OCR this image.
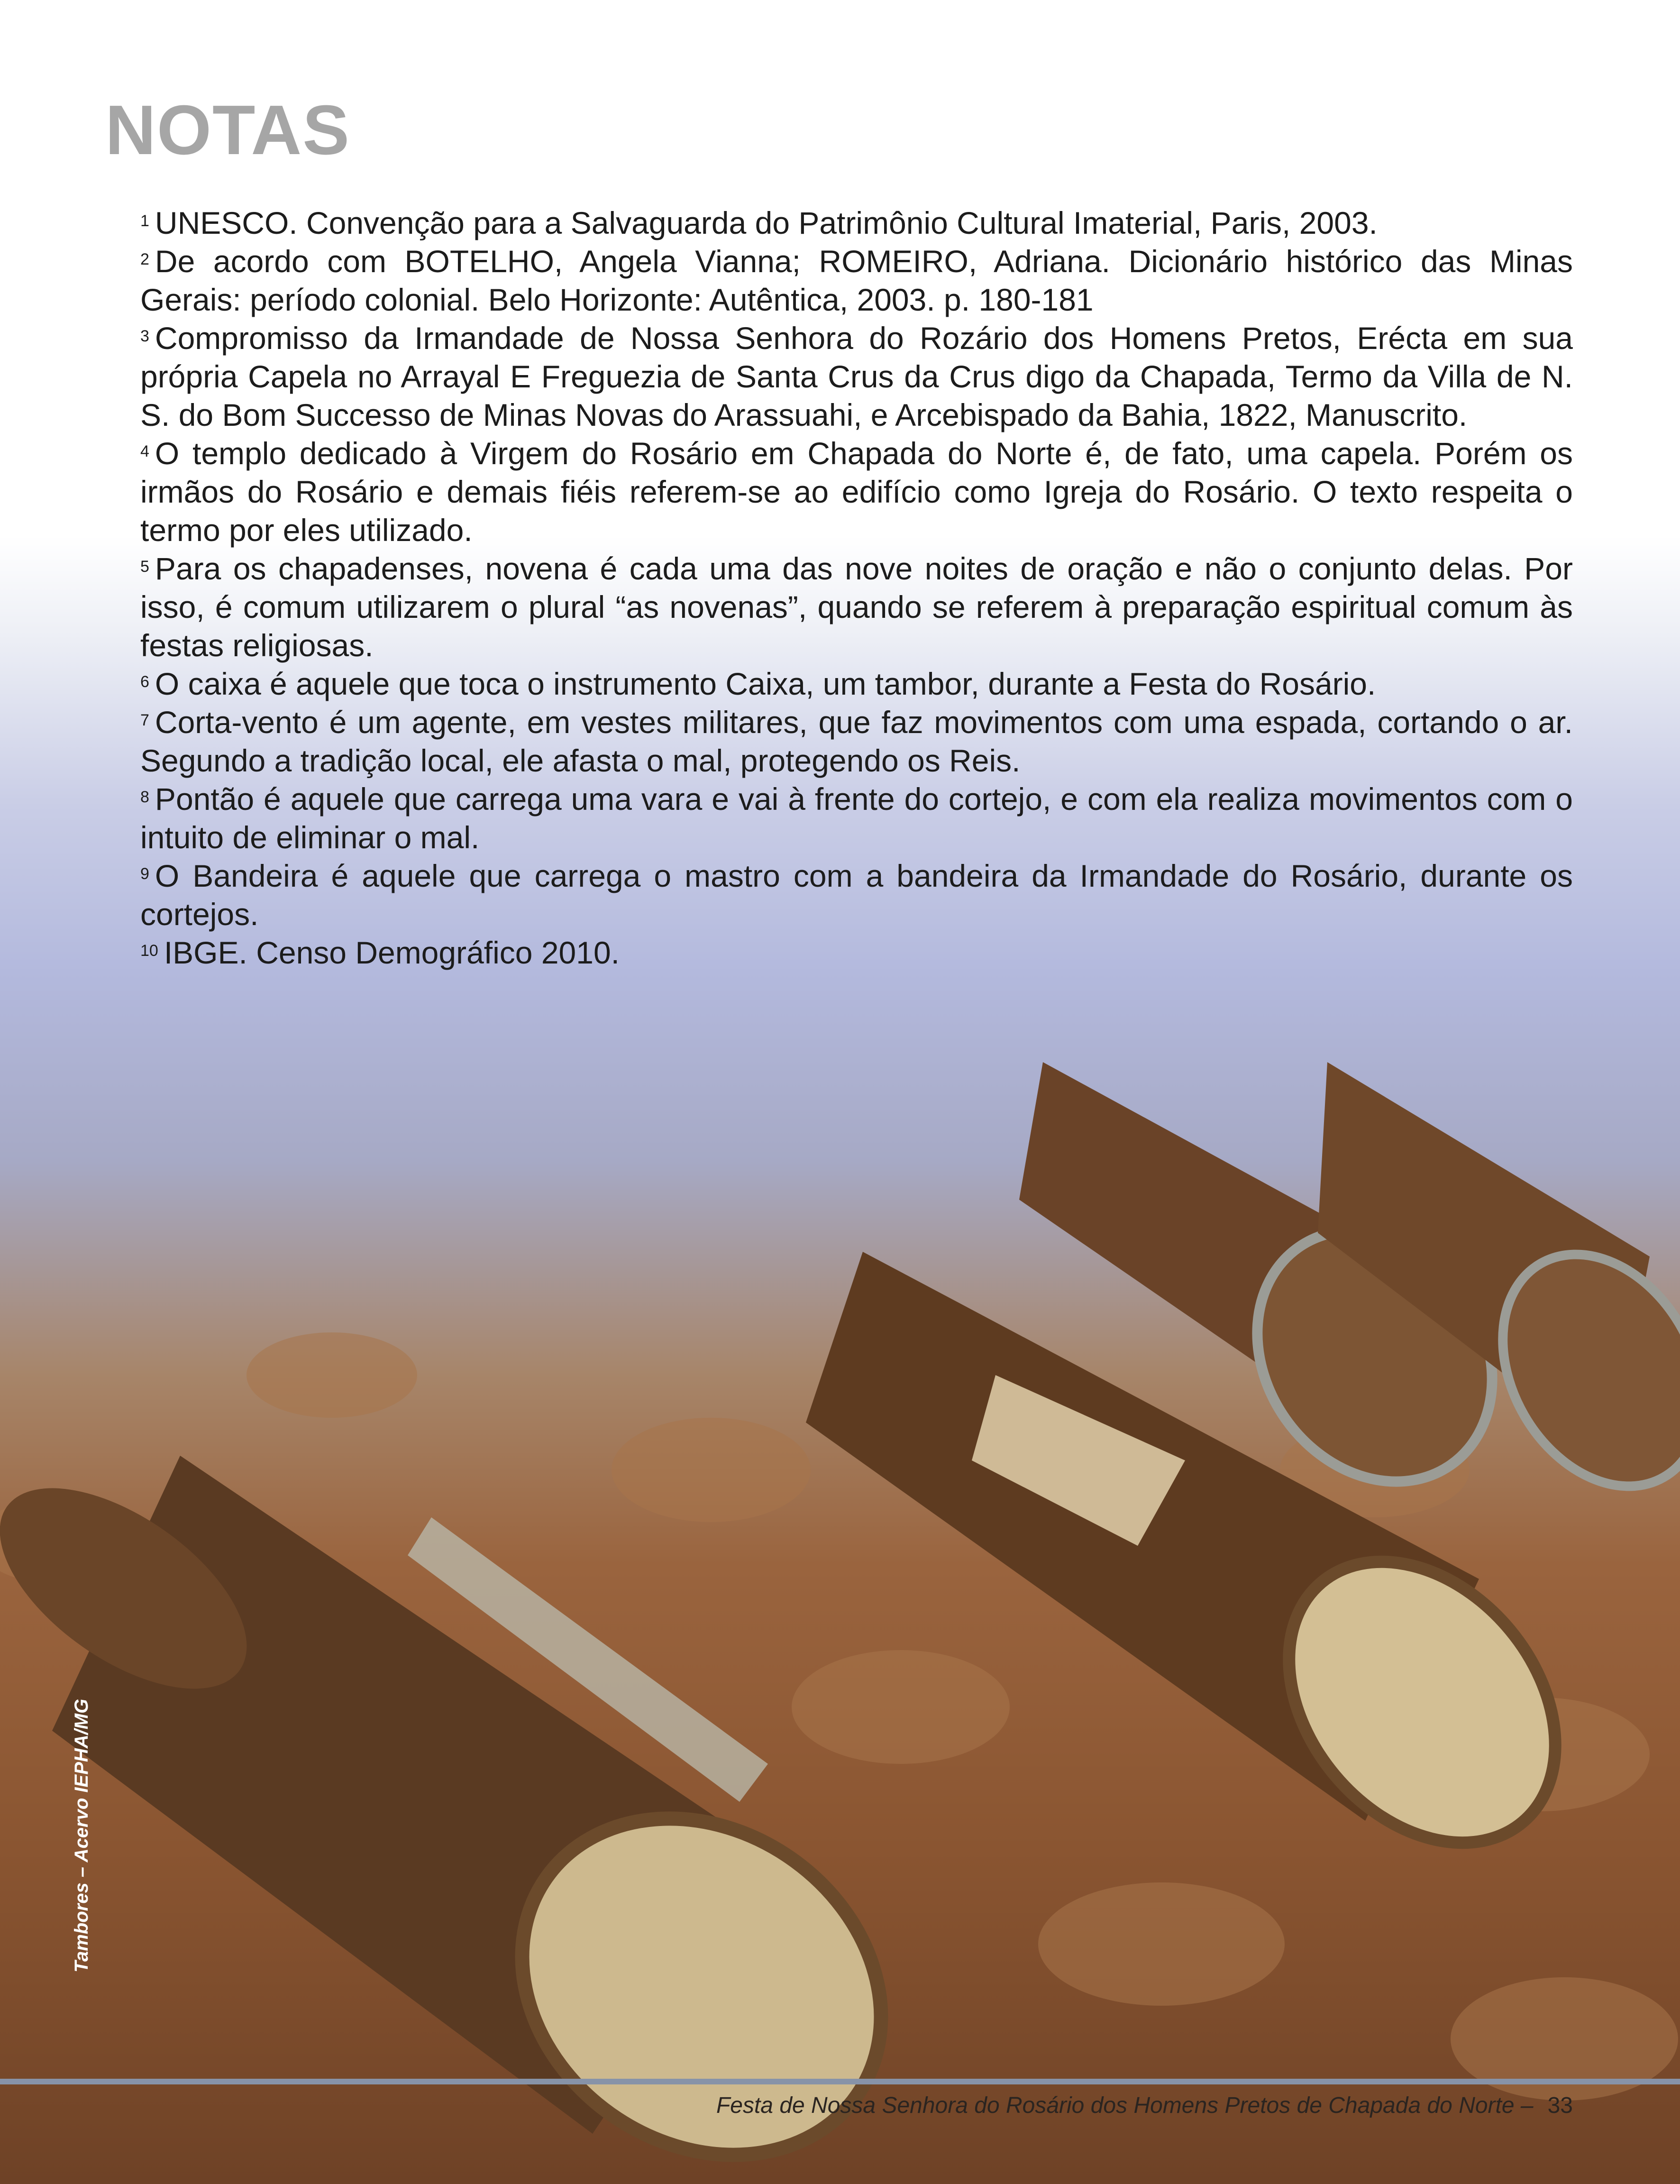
NOTAS

$^1$ UNESCO. Convenção para a Salvaguarda do Patrimônio Cultural Imaterial, Paris, 2003.

$^2$ De acordo com BOTELHO, Angela Vianna; ROMEIRO, Adriana. Dicionário histórico das Minas Gerais: período colonial. Belo Horizonte: Autêntica, 2003. p. 180-181

$^3$ Compromisso da Irmandade de Nossa Senhora do Rozário dos Homens Pretos, Eréсta em sua própria Capela no Arrayal E Freguezia de Santa Crus da Crus digo da Chapada, Termo da Villa de N. S. do Bom Successo de Minas Novas do Arassuahi, e Arcebispado da Bahia, 1822, Manuscrito.

$^4$ O templo dedicado à Virgem do Rosário em Chapada do Norte é, de fato, uma capela. Porém os irmãos do Rosário e demais fiéis referem-se ao edifício como Igreja do Rosário. O texto respeita o termo por eles utilizado.

$^5$ Para os chapadenses, novena é cada uma das nove noites de oração e não o conjunto delas. Por isso, é comum utilizarem o plural “as novenas”, quando se referem à preparação espiritual comum às festas religiosas.

$^6$ O caixa é aquele que toca o instrumento Caixa, um tambor, durante a Festa do Rosário.

$^7$ Corta-vento é um agente, em vestes militares, que faz movimentos com uma espada, cortando o ar. Segundo a tradição local, ele afasta o mal, protegendo os Reis.

$^8$ Pontão é aquele que carrega uma vara e vai à frente do cortejo, e com ela realiza movimentos com o intuito de eliminar o mal.

$^9$ O Bandeira é aquele que carrega o mastro com a bandeira da Irmandade do Rosário, durante os cortejos.

$^{10}$ IBGE. Censo Demográfico 2010.

Tambores – Acervo IEPHA/MG
Festa de Nossa Senhora do Rosário dos Homens Pretos de Chapada do Norte – 33
